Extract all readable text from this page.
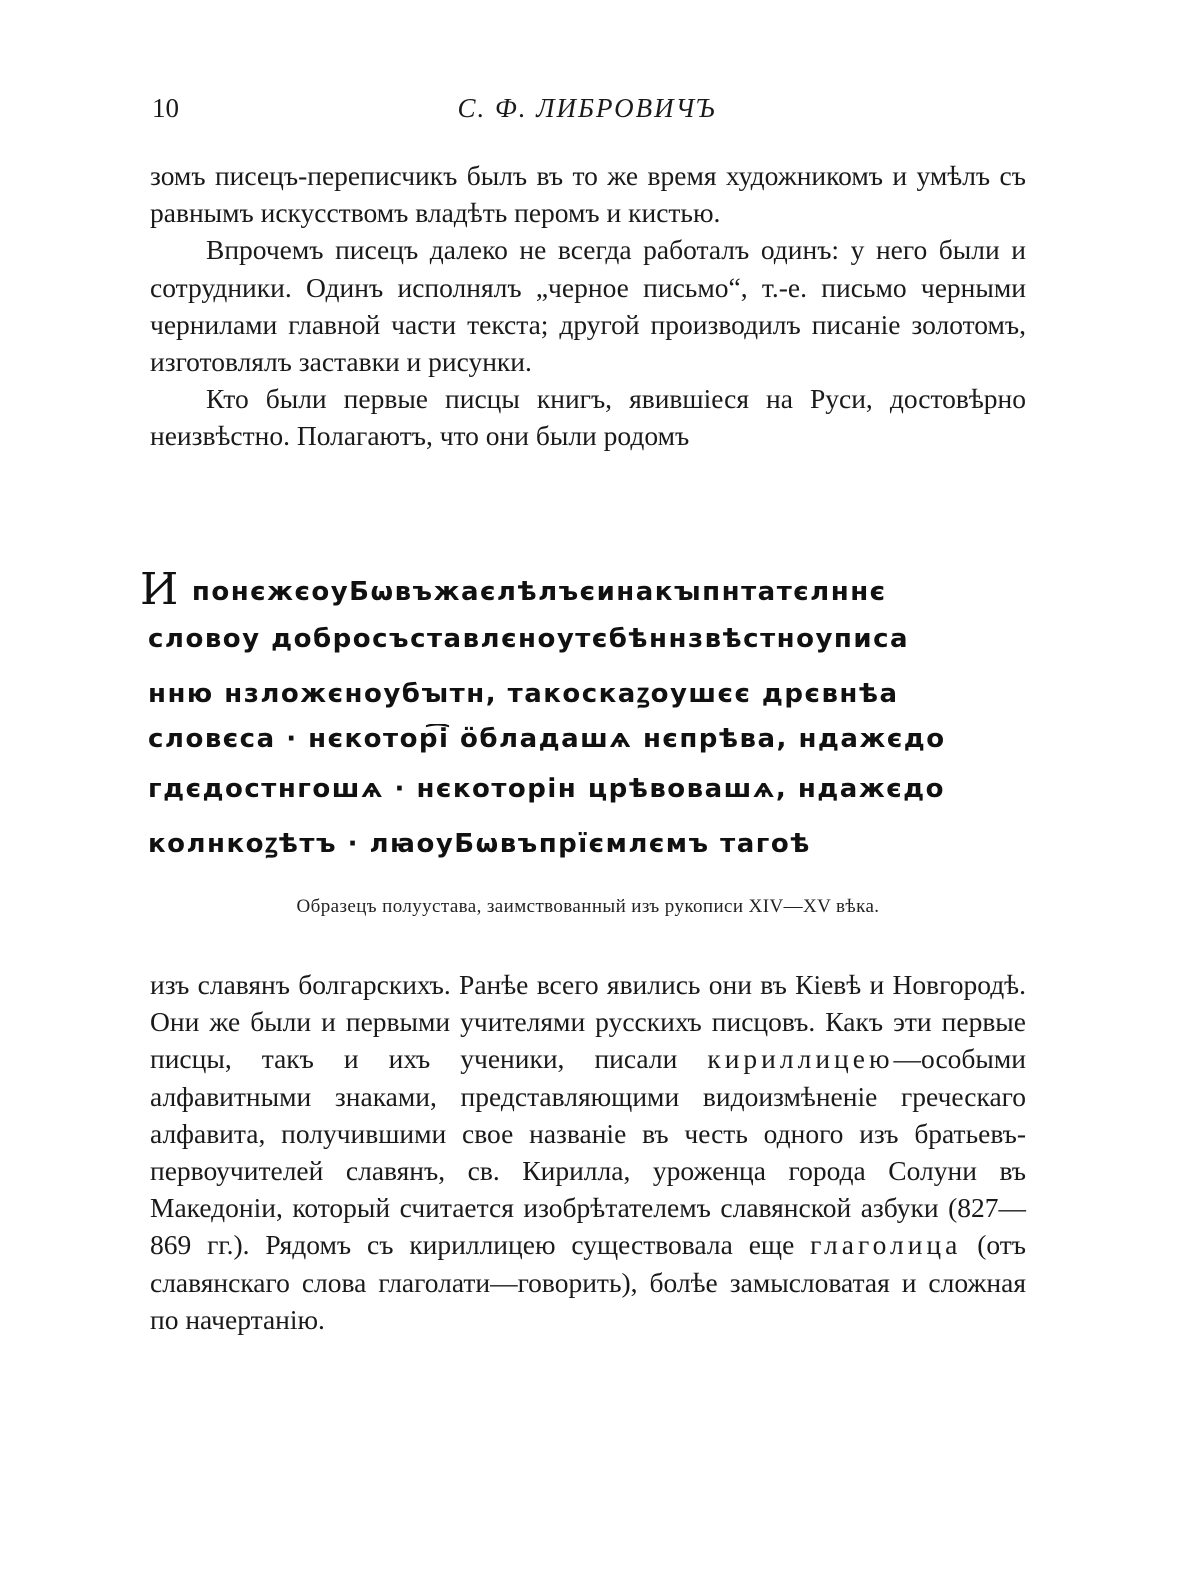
10	С. Ф. ЛИБРОВИЧЪ

зомъ писецъ-переписчикъ былъ въ то же время художникомъ и умѣлъ съ равнымъ искусствомъ владѣть перомъ и кистью.

Впрочемъ писецъ далеко не всегда работалъ одинъ: у него были и сотрудники. Одинъ исполнялъ „черное письмо“, т.-е. письмо черными чернилами главной части текста; другой производилъ писаніе золотомъ, изготовлялъ заставки и рисунки.

Кто были первые писцы книгъ, явившіеся на Руси, достовѣрно неизвѣстно. Полагаютъ, что они были родомъ

ИпонєжєоуБѡвъжаєлѣлъєинакꙑпнтатєлннє
словоу добросъставлєноутєбѣннзвѣстноуписа
нню нзложєноубꙑтн, такоскаꙁоушєє дрєвнѣа
словєса · нєкотор͡і ӧбладашѧ нєпрѣва, ндажєдо
гдєдостнгошѧ · нєкоторін црѣвовашѧ, ндажєдо
колнкоꙁѣтъ · лꙗоуБѡвъпрїємлємъ тагоѣ
Образецъ полуустава, заимствованный изъ рукописи XIV—XV вѣка.

изъ славянъ болгарскихъ. Ранѣе всего явились они въ Кіевѣ и Новгородѣ. Они же были и первыми учителями русскихъ писцовъ. Какъ эти первые писцы, такъ и ихъ ученики, писали кириллицею—особыми алфавитными знаками, представляющими видоизмѣненіе греческаго алфавита, получившими свое названіе въ честь одного изъ братьевъ-первоучителей славянъ, св. Кирилла, уроженца города Солуни въ Македоніи, который считается изобрѣтателемъ славянской азбуки (827—869 гг.). Рядомъ съ кириллицею существовала еще глаголица (отъ славянскаго слова глаголати—говорить), болѣе замысловатая и сложная по начертанію.
